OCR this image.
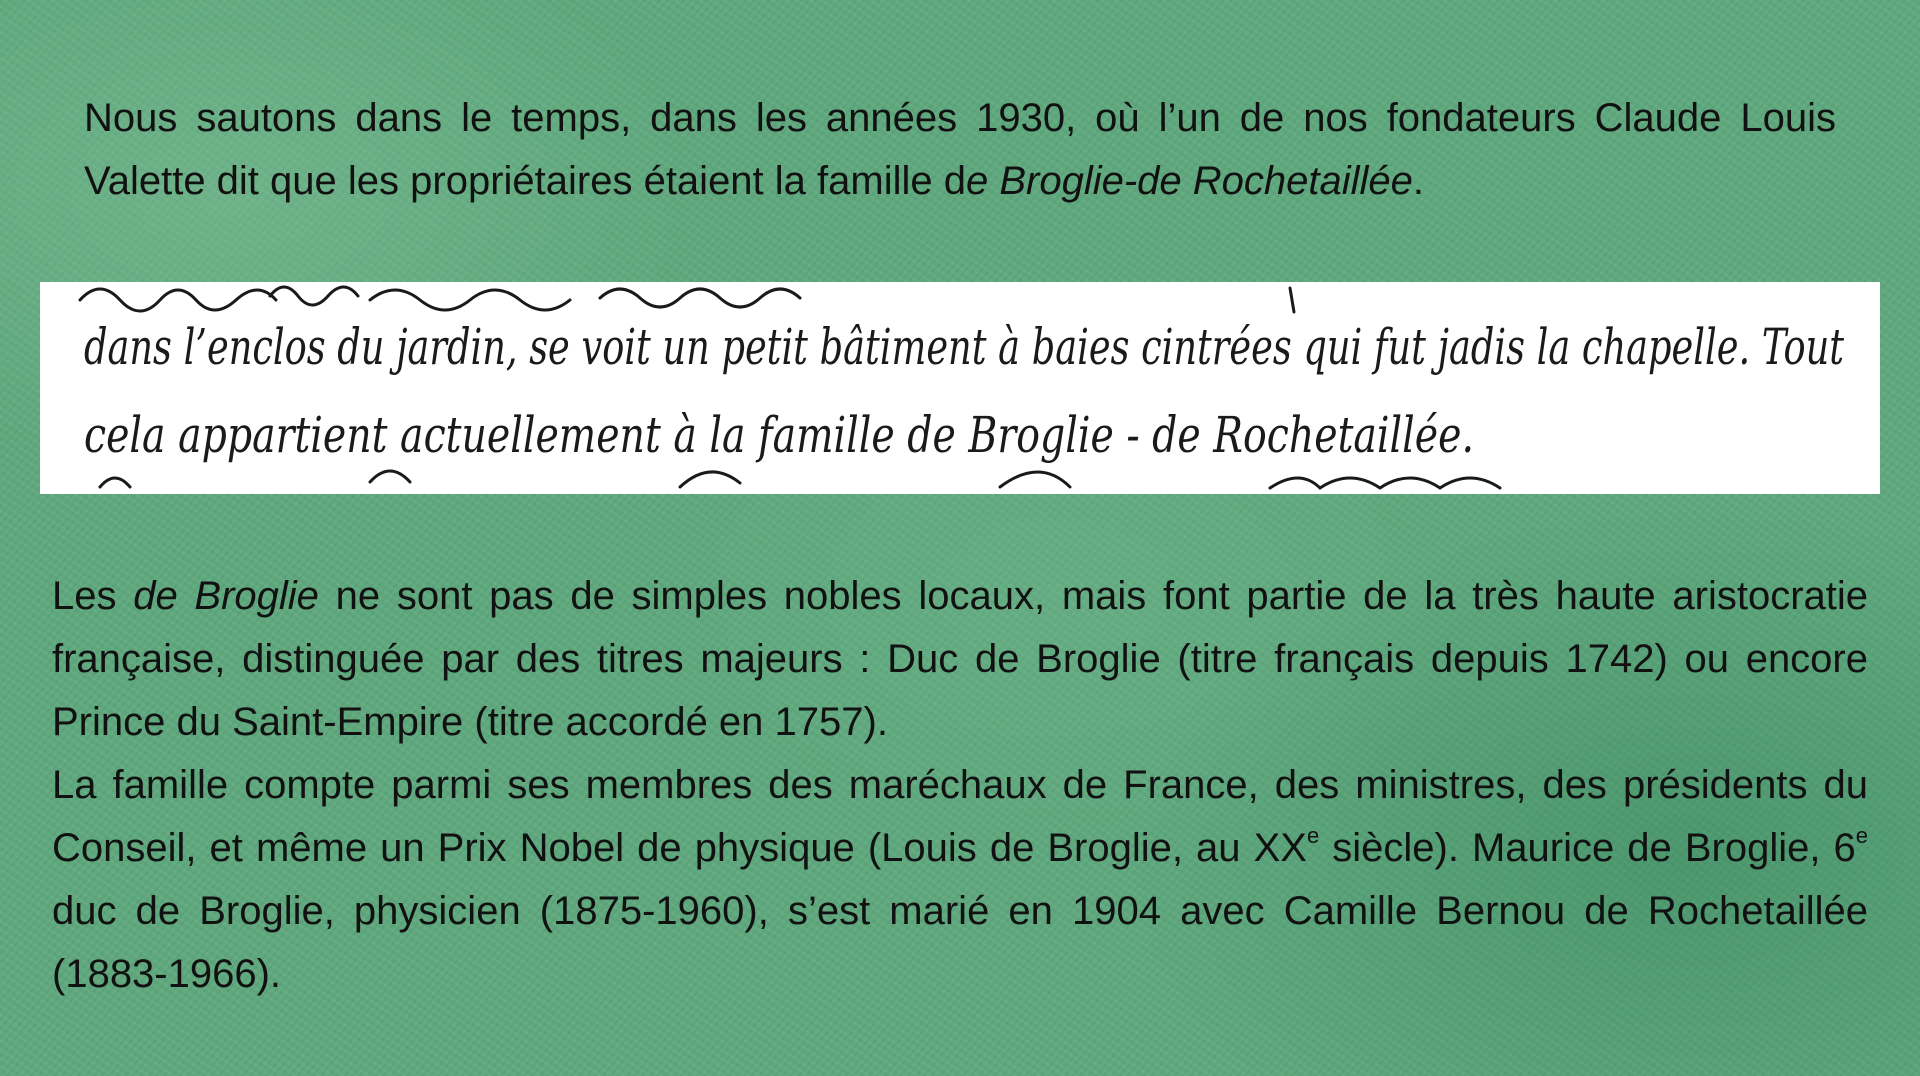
Nous sautons dans le temps, dans les années 1930, où l’un de nos fondateurs Claude Louis Valette dit que les propriétaires étaient la famille de Broglie-de Rochetaillée.
dans l’enclos du jardin, se voit un petit bâtiment à baies cintrées qui fut jadis la chapelle. Tout
cela appartient actuellement à la famille de Broglie - de Rochetaillée.

Les de Broglie ne sont pas de simples nobles locaux, mais font partie de la très haute aristocratie française, distinguée par des titres majeurs : Duc de Broglie (titre français depuis 1742) ou encore Prince du Saint-Empire (titre accordé en 1757).

La famille compte parmi ses membres des maréchaux de France, des ministres, des présidents du Conseil, et même un Prix Nobel de physique (Louis de Broglie, au XXe siècle). Maurice de Broglie, 6e duc de Broglie, physicien (1875-1960), s’est marié en 1904 avec Camille Bernou de Rochetaillée (1883-1966).
